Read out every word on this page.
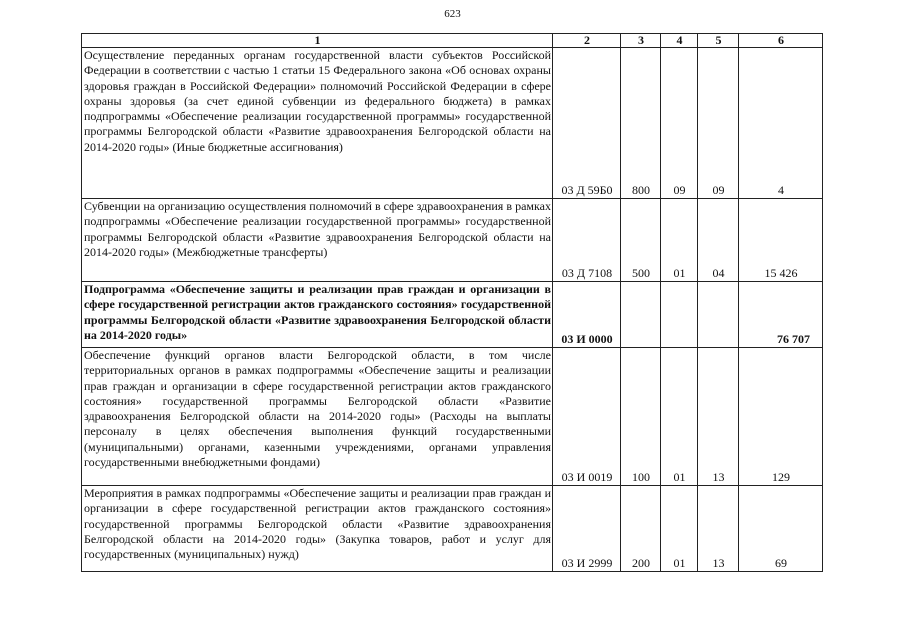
623
1	2	3	4	5	6
Осуществление переданных органам государственной власти субъектов Российской Федерации в соответствии с частью 1 статьи 15 Федерального закона «Об основах охраны здоровья граждан в Российской Федерации» полномочий Российской Федерации в сфере охраны здоровья (за счет единой субвенции из федерального бюджета) в рамках подпрограммы «Обеспечение реализации государственной программы» государственной программы Белгородской области «Развитие здравоохранения Белгородской области на 2014-2020 годы» (Иные бюджетные ассигнования)	03 Д 59Б0	800	09	09	4
Субвенции на организацию осуществления полномочий в сфере здравоохранения в рамках подпрограммы «Обеспечение реализации государственной программы» государственной программы Белгородской области «Развитие здравоохранения Белгородской области на 2014-2020 годы» (Межбюджетные трансферты)	03 Д 7108	500	01	04	15 426
Подпрограмма «Обеспечение защиты и реализации прав граждан и организации в сфере государственной регистрации актов гражданского состояния» государственной программы Белгородской области «Развитие здравоохранения Белгородской области на 2014-2020 годы»	03 И 0000				76 707
Обеспечение функций органов власти Белгородской области, в том числе территориальных органов в рамках подпрограммы «Обеспечение защиты и реализации прав граждан и организации в сфере государственной регистрации актов гражданского состояния» государственной программы Белгородской области «Развитие здравоохранения Белгородской области на 2014-2020 годы» (Расходы на выплаты персоналу в целях обеспечения выполнения функций государственными (муниципальными) органами, казенными учреждениями, органами управления государственными внебюджетными фондами)	03 И 0019	100	01	13	129
Мероприятия в рамках подпрограммы «Обеспечение защиты и реализации прав граждан и организации в сфере государственной регистрации актов гражданского состояния» государственной программы Белгородской области «Развитие здравоохранения Белгородской области на 2014-2020 годы» (Закупка товаров, работ и услуг для государственных (муниципальных) нужд)	03 И 2999	200	01	13	69
